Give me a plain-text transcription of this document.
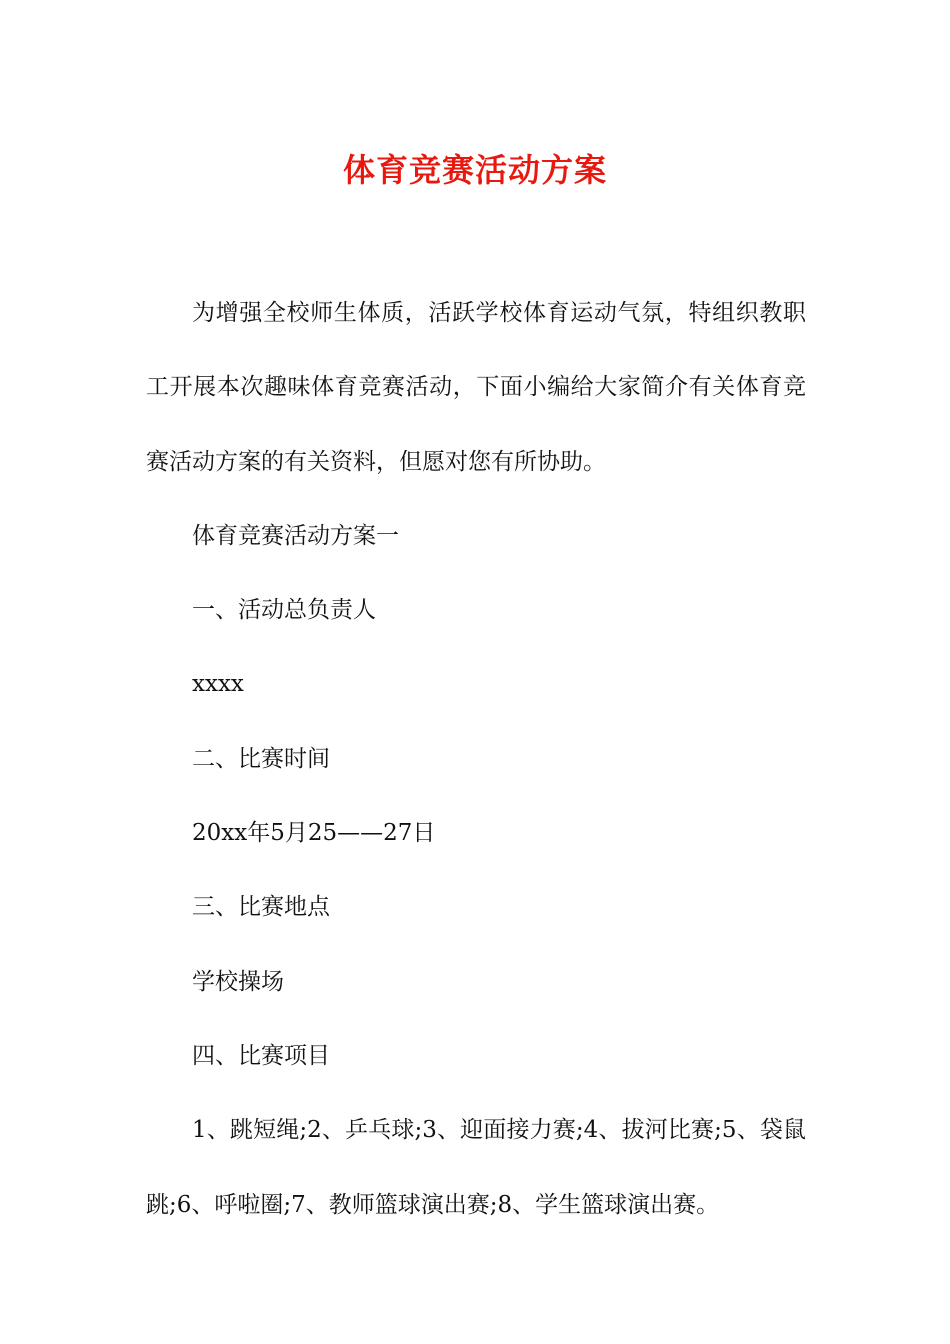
体育竞赛活动方案

为增强全校师生体质，活跃学校体育运动气氛，特组织教职工开展本次趣味体育竞赛活动，下面小编给大家简介有关体育竞赛活动方案的有关资料，但愿对您有所协助。

体育竞赛活动方案一

一、活动总负责人

xxxx

二、比赛时间

20xx年5月25——27日

三、比赛地点

学校操场

四、比赛项目

1、跳短绳;2、乒乓球;3、迎面接力赛;4、拔河比赛;5、袋鼠跳;6、呼啦圈;7、教师篮球演出赛;8、学生篮球演出赛。
